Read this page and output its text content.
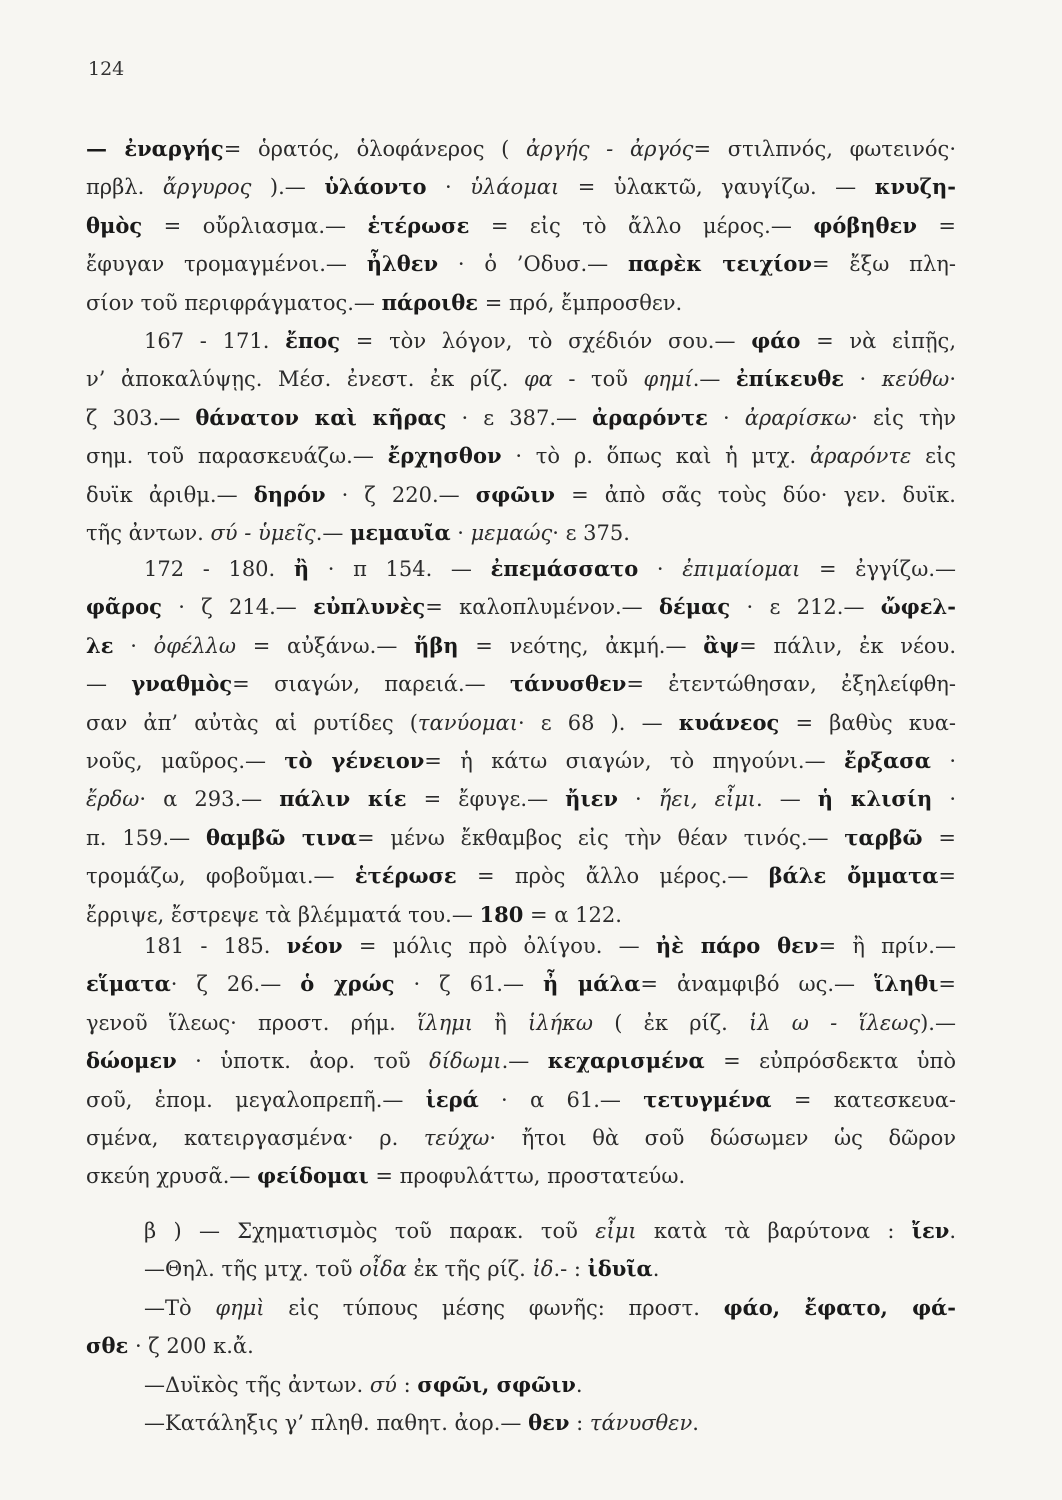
124
— ἐναργής= ὁρατός, ὁλοφάνερος ( ἀργής - ἀργός= στιλπνός, φωτεινός·
πρβλ. ἄργυρος ).— ὑλάοντο · ὑλάομαι = ὑλακτῶ, γαυγίζω. — κνυζη-
θμὸς = οὔρλιασμα.— ἑτέρωσε = εἰς τὸ ἄλλο μέρος.— φόβηθεν =
ἔφυγαν τρομαγμένοι.— ἦλθεν · ὁ ’Οδυσ.— παρὲκ τειχίον= ἔξω πλη-
σίον τοῦ περιφράγματος.— πάροιθε = πρό, ἔμπροσθεν.
167 - 171. ἔπος = τὸν λόγον, τὸ σχέδιόν σου.— φάο = νὰ εἰπῇς,
ν’ ἀποκαλύψῃς. Μέσ. ἐνεστ. ἐκ ρίζ. φα - τοῦ φημί.— ἐπίκευθε · κεύθω·
ζ 303.— θάνατον καὶ κῆρας · ε 387.— ἀραρόντε · ἀραρίσκω· εἰς τὴν
σημ. τοῦ παρασκευάζω.— ἔρχησθον · τὸ ρ. ὅπως καὶ ἡ μτχ. ἀραρόντε εἰς
δυϊκ ἀριθμ.— δηρόν · ζ 220.— σφῶιν = ἀπὸ σᾶς τοὺς δύο· γεν. δυϊκ.
τῆς ἀντων. σύ - ὑμεῖς.— μεμαυῖα · μεμαώς· ε 375.
172 - 180. ἢ · π 154. — ἐπεμάσσατο · ἐπιμαίομαι = ἐγγίζω.—
φᾶρος · ζ 214.— εὐπλυνὲς= καλοπλυμένον.— δέμας · ε 212.— ὤφελ-
λε · ὀφέλλω = αὐξάνω.— ἥβη = νεότης, ἀκμή.— ἂψ= πάλιν, ἐκ νέου.
— γναθμὸς= σιαγών, παρειά.— τάνυσθεν= ἐτεντώθησαν, ἐξηλείφθη-
σαν ἀπ’ αὐτὰς αἱ ρυτίδες (τανύομαι· ε 68 ). — κυάνεος = βαθὺς κυα-
νοῦς, μαῦρος.— τὸ γένειον= ἡ κάτω σιαγών, τὸ πηγούνι.— ἔρξασα ·
ἔρδω· α 293.— πάλιν κίε = ἔφυγε.— ἤιεν · ἤει, εἶμι. — ἡ κλισίη ·
π. 159.— θαμβῶ τινα= μένω ἔκθαμβος εἰς τὴν θέαν τινός.— ταρβῶ =
τρομάζω, φοβοῦμαι.— ἑτέρωσε = πρὸς ἄλλο μέρος.— βάλε ὄμματα=
ἔρριψε, ἔστρεψε τὰ βλέμματά του.— 180 = α 122.
181 - 185. νέον = μόλις πρὸ ὀλίγου. — ἠὲ πάρο θεν= ἢ πρίν.—
εἵματα· ζ 26.— ὁ χρώς · ζ 61.— ἦ μάλα= ἀναμφιβό ως.— ἵληθι=
γενοῦ ἵλεως· προστ. ρήμ. ἵλημι ἢ ἱλήκω ( ἐκ ρίζ. ἱλ ω - ἵλεως).—
δώομεν · ὑποτκ. ἀορ. τοῦ δίδωμι.— κεχαρισμένα = εὐπρόσδεκτα ὑπὸ
σοῦ, ἑπομ. μεγαλοπρεπῆ.— ἱερά · α 61.— τετυγμένα = κατεσκευα-
σμένα, κατειργασμένα· ρ. τεύχω· ἤτοι θὰ σοῦ δώσωμεν ὡς δῶρον
σκεύη χρυσᾶ.— φείδομαι = προφυλάττω, προστατεύω.
β ) — Σχηματισμὸς τοῦ παρακ. τοῦ εἶμι κατὰ τὰ βαρύτονα : ἴεν.
—Θηλ. τῆς μτχ. τοῦ οἶδα ἐκ τῆς ρίζ. ἰδ.- : ἰδυῖα.
—Τὸ φημὶ εἰς τύπους μέσης φωνῆς: προστ. φάο, ἔφατο, φά-
σθε · ζ 200 κ.ἄ.
—Δυϊκὸς τῆς ἀντων. σύ : σφῶι, σφῶιν.
—Κατάληξις γ’ πληθ. παθητ. ἀορ.— θεν : τάνυσθεν.
